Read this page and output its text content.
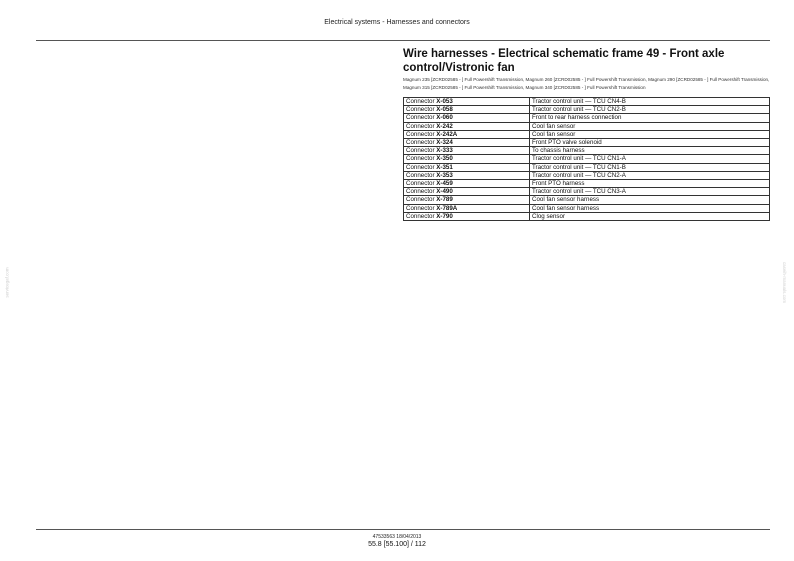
Electrical systems - Harnesses and connectors
Wire harnesses - Electrical schematic frame 49 - Front axle control/Vistronic fan

Magnum 235 [ZCRD02585 - ] Full Powershift Transmission, Magnum 260 [ZCRD02585 - ] Full Powershift Transmission, Magnum 290 [ZCRD02585 - ] Full Powershift Transmission, Magnum 315 [ZCRD02585 - ] Full Powershift Transmission, Magnum 340 [ZCRD02585 - ] Full Powershift Transmission

Connector X-053	Tractor control unit — TCU CN4-B
Connector X-058	Tractor control unit — TCU CN2-B
Connector X-060	Front to rear harness connection
Connector X-242	Cool fan sensor
Connector X-242A	Cool fan sensor
Connector X-324	Front PTO valve solenoid
Connector X-333	To chassis harness
Connector X-350	Tractor control unit — TCU CN1-A
Connector X-351	Tractor control unit — TCU CN1-B
Connector X-353	Tractor control unit — TCU CN2-A
Connector X-459	Front PTO harness
Connector X-490	Tractor control unit — TCU CN3-A
Connector X-789	Cool fan sensor harness
Connector X-789A	Cool fan sensor harness
Connector X-790	Clog sensor
servicegaf.com	caseih-manuals.com
47533563 18/04/2013
55.8 [55.100] / 112
